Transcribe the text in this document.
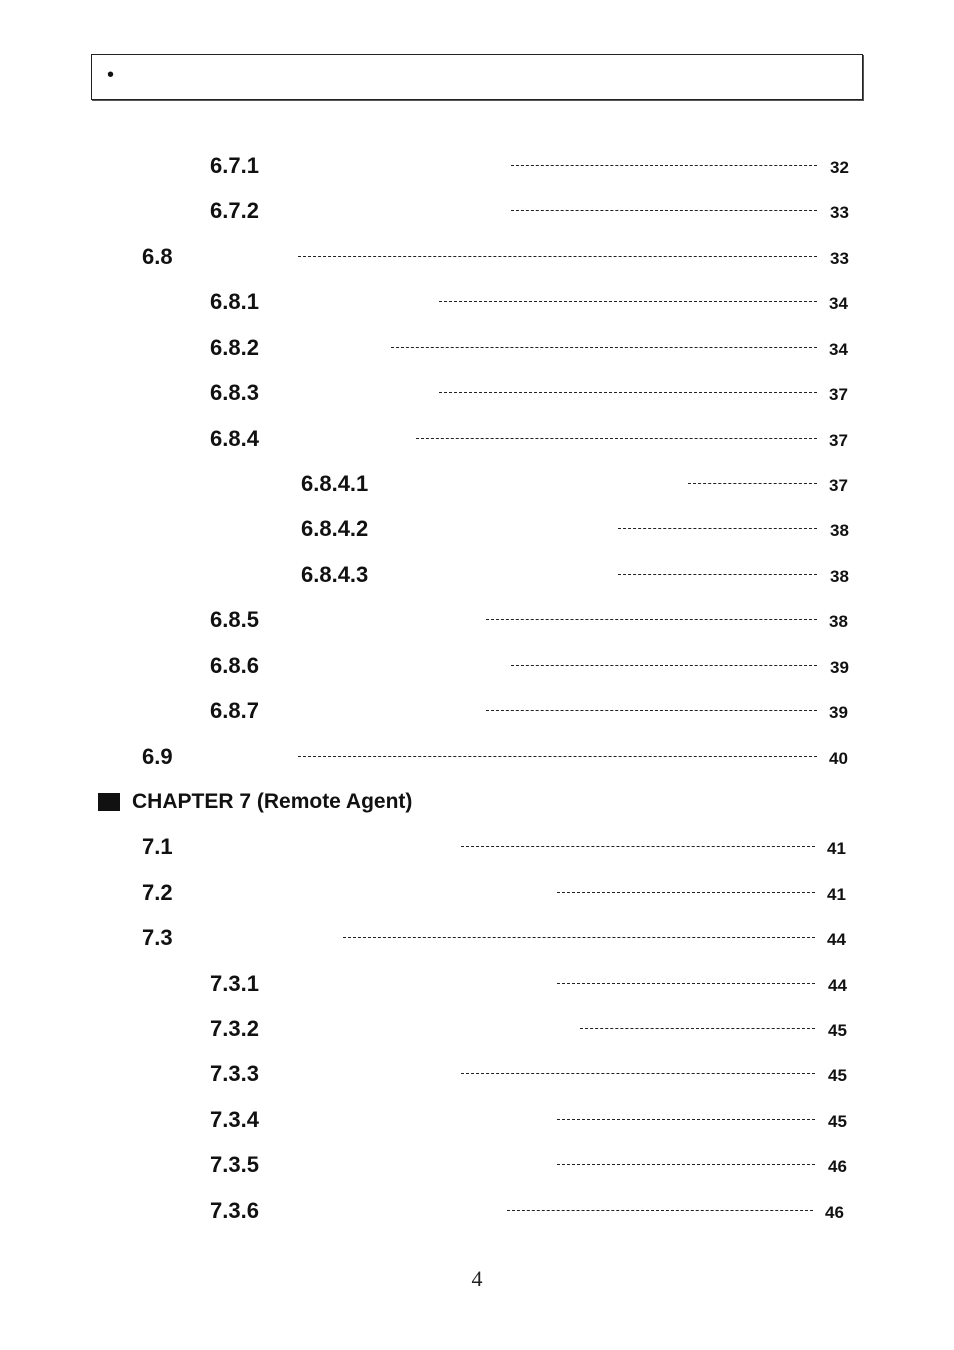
•
6.7.1	32
6.7.2	33
6.8	33
6.8.1	34
6.8.2	34
6.8.3	37
6.8.4	37
6.8.4.1	37
6.8.4.2	38
6.8.4.3	38
6.8.5	38
6.8.6	39
6.8.7	39
6.9	40
CHAPTER 7 (Remote Agent)
7.1	41
7.2	41
7.3	44
7.3.1	44
7.3.2	45
7.3.3	45
7.3.4	45
7.3.5	46
7.3.6	46
4
